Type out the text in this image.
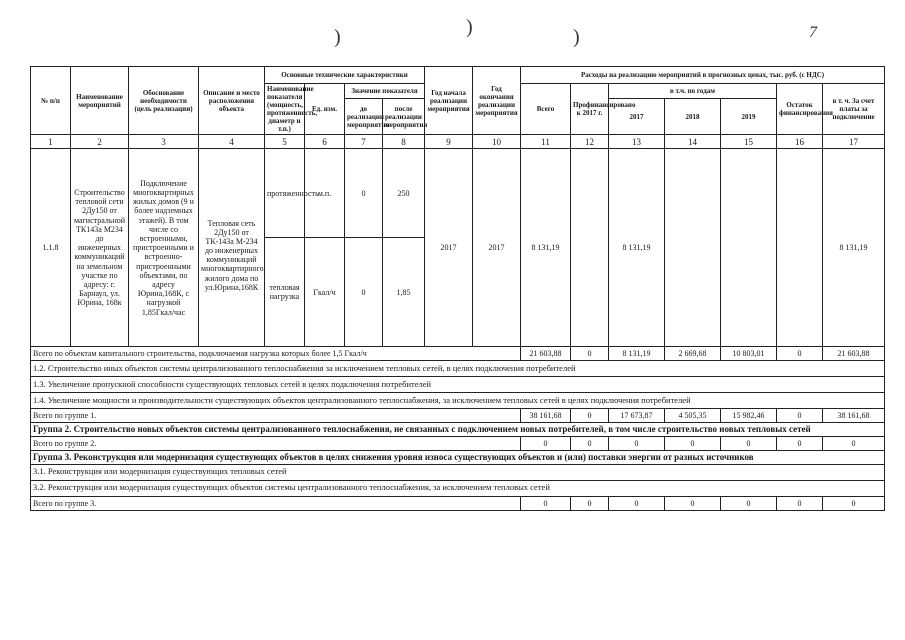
)	)	)	7
№ п/п	Наименование мероприятий	Обоснование необходимости (цель реализации)	Описание и место расположения объекта	Основные технические характеристики				Год начала реализации мероприятия	Год окончания реализации мероприятия	Расходы на реализацию мероприятий в прогнозных ценах, тыс. руб. (с НДС)						
				Наименование показателя (мощность, протяженность, диаметр и т.п.)	Ед. изм.	Значение показателя				Всего	Профинансировано к 2017 г.	в т.ч. по годам			Остаток финансирования	в т. ч. За счет платы за подключение
						до реализации мероприятия	после реализации мероприятия					2017	2018	2019		

1	2	3	4	5	6	7	8	9	10	11	12	13	14	15	16	17
1.1.8	Строительство тепловой сети 2Ду150 от магистральной ТК143а М234 до инженерных коммуникаций на земельном участке по адресу: г. Барнаул, ул. Юрина, 168к	Подключение многоквартирных жилых домов (9 и более надземных этажей). В том числе со встроенными, пристроенными и встроенно-пристроенными объектами, по адресу Юрина,168К, с нагрузкой 1,85Гкал/час	Тепловая сеть 2Ду150 от ТК-143а М-234 до инженерных коммуникаций многоквартирного жилого дома по ул.Юрина,168К	протяженность	м.п.	0	250	2017	2017	8 131,19		8 131,19				8 131,19
				тепловая нагрузка	Гкал/ч	0	1,85									
Всего по объектам капитального строительства, подключаемая нагрузка которых более 1,5 Гкал/ч										21 603,88	0	8 131,19	2 669,68	10 803,01	0	21 603,88
1.2. Строительство иных объектов системы централизованного теплоснабжения за исключением тепловых сетей, в целях подключения потребителей																
1.3. Увеличение пропускной способности существующих тепловых сетей в целях подключения потребителей																
1.4. Увеличение мощности и производительности существующих объектов централизованного теплоснабжения, за исключением тепловых сетей в целях подключения потребителей																
Всего по группе 1.										38 161,68	0	17 673,87	4 505,35	15 982,46	0	38 161,68
Группа 2. Строительство новых объектов системы централизованного теплоснабжения, не связанных с подключением новых потребителей, в том числе строительство новых тепловых сетей																
Всего по группе 2.										0	0	0	0	0	0	0
Группа 3. Реконструкция или модернизация существующих объектов в целях снижения уровня износа существующих объектов и (или) поставки энергии от разных источников																
3.1. Реконструкция или модернизация существующих тепловых сетей																
3.2. Реконструкция или модернизация существующих объектов системы централизованного теплоснабжения, за исключением тепловых сетей																
Всего по группе 3.										0	0	0	0	0	0	0
